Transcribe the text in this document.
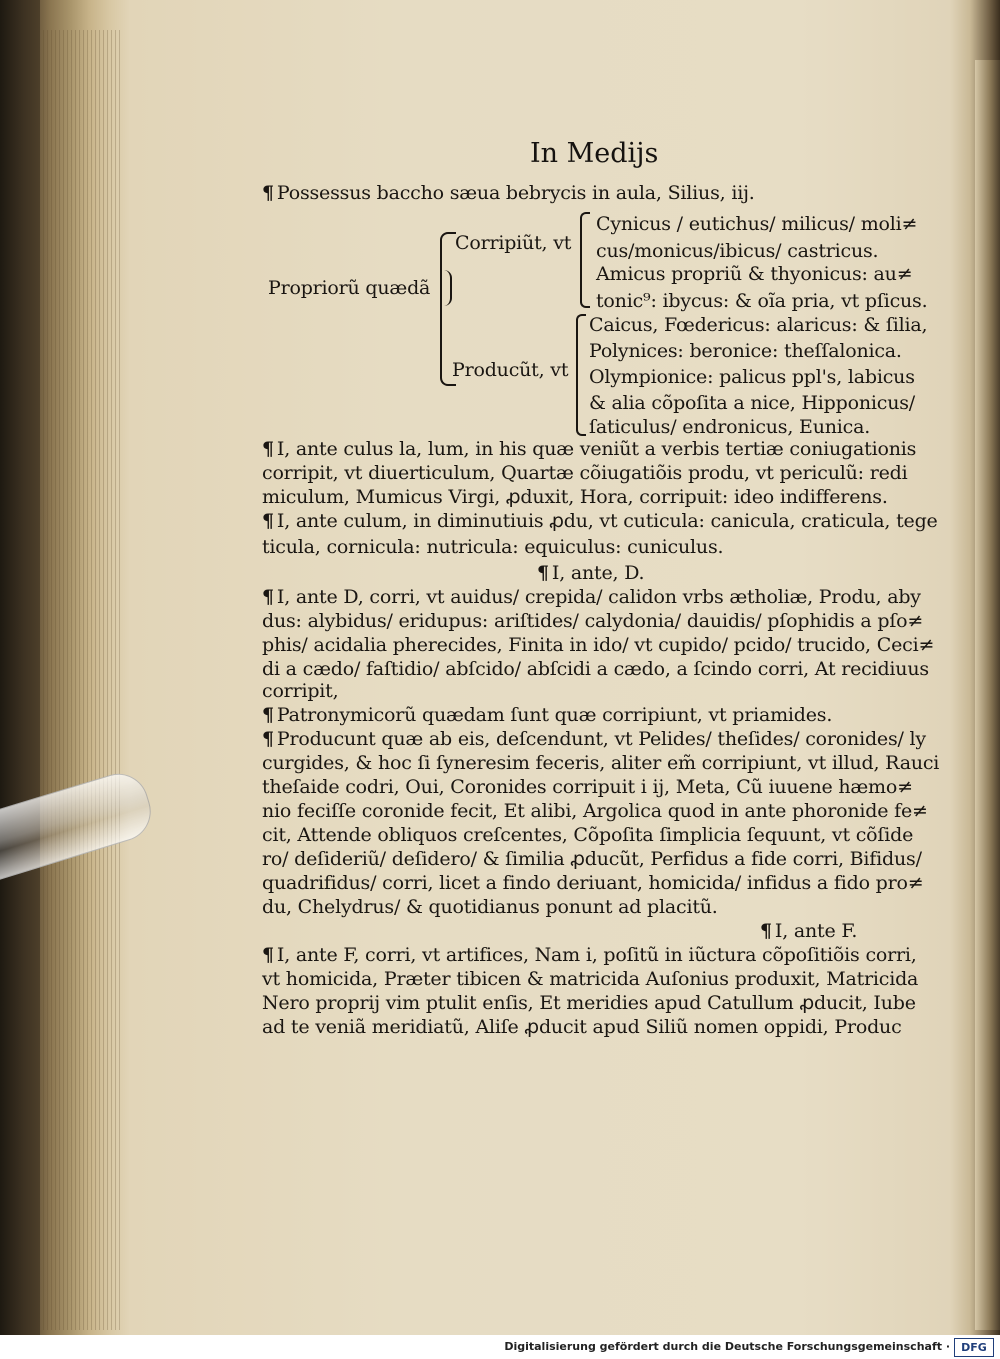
In Medijs
¶ Possessus baccho sæua bebrycis in aula, Silius, iij.
Propriorũ quædã
Corripiũt, vt
Producũt, vt
Cynicus / eutichus/ milicus/ moli≠
cus/monicus/ibicus/ castricus.
Amicus propriũ & thyonicus: au≠
tonic⁹: ibycus: & oĩa pria, vt pſicus.
Caicus, Fœdericus: alaricus: & ſilia,
Polynices: beronice: theſſalonica.
Olympionice: palicus ppl's, labicus
& alia cõpoſita a nice, Hipponicus/
ſaticulus/ endronicus, Eunica.
¶ I, ante culus la, lum, in his quæ veniũt a verbis tertiæ coniugationis
corripit, vt diuerticulum, Quartæ cõiugatiõis produ, vt periculũ: redi
miculum, Mumicus Virgi, ꝓduxit, Hora, corripuit: ideo indifferens.
¶ I, ante culum, in diminutiuis ꝓdu, vt cuticula: canicula, craticula, tege
ticula, cornicula: nutricula: equiculus: cuniculus.
¶ I, ante, D.
¶ I, ante D, corri, vt auidus/ crepida/ calidon vrbs ætholiæ, Produ, aby
dus: alybidus/ eridupus: ariſtides/ calydonia/ dauidis/ pſophidis a pſo≠
phis/ acidalia pherecides, Finita in ido/ vt cupido/ pcido/ trucido, Ceci≠
di a cædo/ faſtidio/ abſcido/ abſcidi a cædo, a ſcindo corri, At recidiuus
corripit,
¶ Patronymicorũ quædam ſunt quæ corripiunt, vt priamides.
¶ Producunt quæ ab eis, deſcendunt, vt Pelides/ theſides/ coronides/ ly
curgides, & hoc ſi ſyneresim feceris, aliter em̃ corripiunt, vt illud, Rauci
theſaide codri, Oui, Coronides corripuit i ij, Meta, Cũ iuuene hæmo≠
nio feciſſe coronide fecit, Et alibi, Argolica quod in ante phoronide fe≠
cit, Attende obliquos creſcentes, Cõpoſita ſimplicia ſequunt, vt cõſide
ro/ deſideriũ/ deſidero/ & ſimilia ꝓducũt, Perfidus a fide corri, Bifidus/
quadrifidus/ corri, licet a findo deriuant, homicida/ infidus a fido pro≠
du, Chelydrus/ & quotidianus ponunt ad placitũ.
¶ I, ante F.
¶ I, ante F, corri, vt artifices, Nam i, poſitũ in iũctura cõpoſitiõis corri,
vt homicida, Præter tibicen & matricida Auſonius produxit, Matricida
Nero proprij vim ptulit enſis, Et meridies apud Catullum ꝓducit, Iube
ad te veniã meridiatũ, Aliſe ꝓducit apud Siliũ nomen oppidi, Produc
Digitalisierung gefördert durch die Deutsche Forschungsgemeinschaft ·	DFG
